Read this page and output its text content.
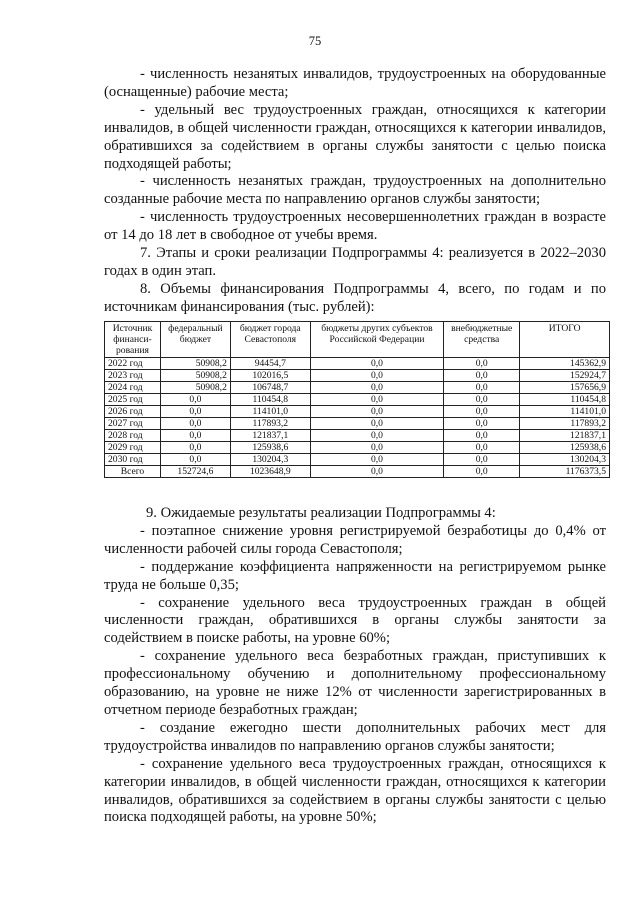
75

- численность незанятых инвалидов, трудоустроенных на оборудованные (оснащенные) рабочие места;

- удельный вес трудоустроенных граждан, относящихся к категории инвалидов, в общей численности граждан, относящихся к категории инвалидов, обратившихся за содействием в органы службы занятости с целью поиска подходящей работы;

- численность незанятых граждан, трудоустроенных на дополнительно созданные рабочие места по направлению органов службы занятости;

- численность трудоустроенных несовершеннолетних граждан в возрасте от 14 до 18 лет в свободное от учебы время.

7. Этапы и сроки реализации Подпрограммы 4: реализуется в 2022–2030 годах в один этап.

8. Объемы финансирования Подпрограммы 4, всего, по годам и по источникам финансирования (тыс. рублей):

Источник финанси-рования	федеральный бюджет	бюджет города Севастополя	бюджеты других субъектов Российской Федерации	внебюджетные средства	ИТОГО
2022 год	50908,2	94454,7	0,0	0,0	145362,9
2023 год	50908,2	102016,5	0,0	0,0	152924,7
2024 год	50908,2	106748,7	0,0	0,0	157656,9
2025 год	0,0	110454,8	0,0	0,0	110454,8
2026 год	0,0	114101,0	0,0	0,0	114101,0
2027 год	0,0	117893,2	0,0	0,0	117893,2
2028 год	0,0	121837,1	0,0	0,0	121837,1
2029 год	0,0	125938,6	0,0	0,0	125938,6
2030 год	0,0	130204,3	0,0	0,0	130204,3
Всего	152724,6	1023648,9	0,0	0,0	1176373,5

9. Ожидаемые результаты реализации Подпрограммы 4:

- поэтапное снижение уровня регистрируемой безработицы до 0,4% от численности рабочей силы города Севастополя;

- поддержание коэффициента напряженности на регистрируемом рынке труда не больше 0,35;

- сохранение удельного веса трудоустроенных граждан в общей численности граждан, обратившихся в органы службы занятости за содействием в поиске работы, на уровне 60%;

- сохранение удельного веса безработных граждан, приступивших к профессиональному обучению и дополнительному профессиональному образованию, на уровне не ниже 12% от численности зарегистрированных в отчетном периоде безработных граждан;

- создание ежегодно шести дополнительных рабочих мест для трудоустройства инвалидов по направлению органов службы занятости;

- сохранение удельного веса трудоустроенных граждан, относящихся к категории инвалидов, в общей численности граждан, относящихся к категории инвалидов, обратившихся за содействием в органы службы занятости с целью поиска подходящей работы, на уровне 50%;
